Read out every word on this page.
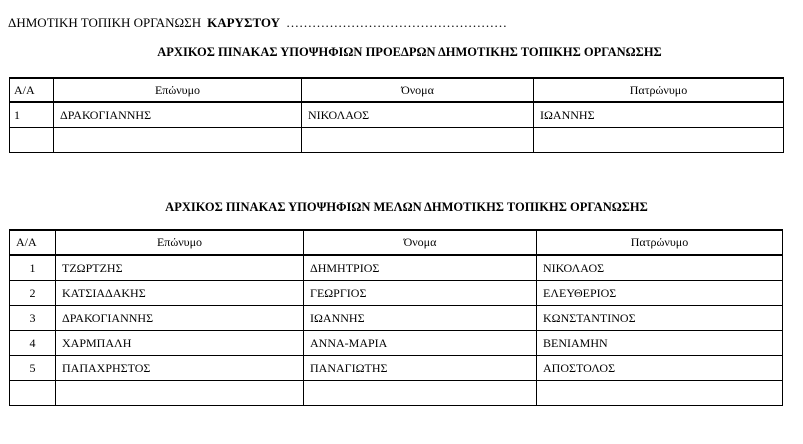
ΔΗΜΟΤΙΚΗ ΤΟΠΙΚΗ ΟΡΓΑΝΩΣΗ ΚΑΡΥΣΤΟΥ ……………………………………………
ΑΡΧΙΚΟΣ ΠΙΝΑΚΑΣ ΥΠΟΨΗΦΙΩΝ ΠΡΟΕΔΡΩΝ ΔΗΜΟΤΙΚΗΣ ΤΟΠΙΚΗΣ ΟΡΓΑΝΩΣΗΣ
Α/Α	Επώνυμο	Όνομα	Πατρώνυμο
1	ΔΡΑΚΟΓΙΑΝΝΗΣ	ΝΙΚΟΛΑΟΣ	ΙΩΑΝΝΗΣ

ΑΡΧΙΚΟΣ ΠΙΝΑΚΑΣ ΥΠΟΨΗΦΙΩΝ ΜΕΛΩΝ ΔΗΜΟΤΙΚΗΣ ΤΟΠΙΚΗΣ ΟΡΓΑΝΩΣΗΣ
Α/Α	Επώνυμο	Όνομα	Πατρώνυμο
1	ΤΖΩΡΤΖΗΣ	ΔΗΜΗΤΡΙΟΣ	ΝΙΚΟΛΑΟΣ
2	ΚΑΤΣΙΑΔΑΚΗΣ	ΓΕΩΡΓΙΟΣ	ΕΛΕΥΘΕΡΙΟΣ
3	ΔΡΑΚΟΓΙΑΝΝΗΣ	ΙΩΑΝΝΗΣ	ΚΩΝΣΤΑΝΤΙΝΟΣ
4	ΧΑΡΜΠΑΛΗ	ΑΝΝΑ-ΜΑΡΙΑ	ΒΕΝΙΑΜΗΝ
5	ΠΑΠΑΧΡΗΣΤΟΣ	ΠΑΝΑΓΙΩΤΗΣ	ΑΠΟΣΤΟΛΟΣ
